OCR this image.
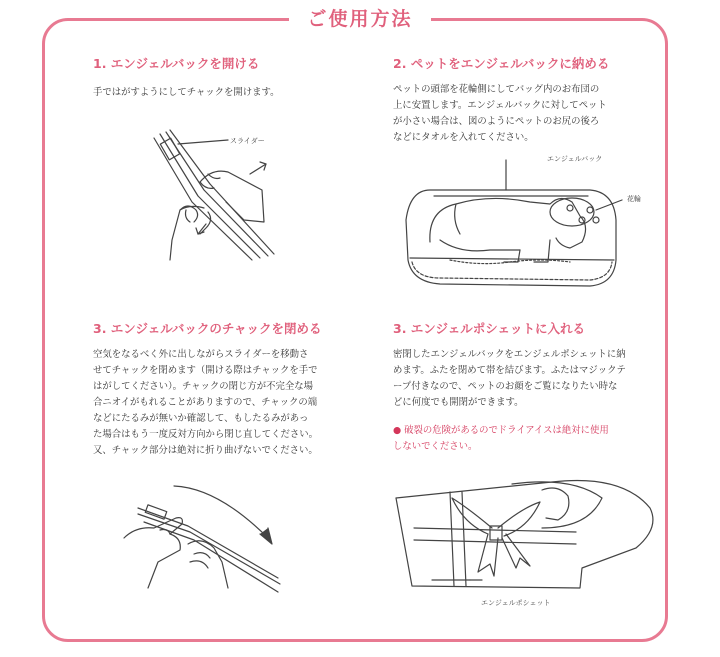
ご使用方法
1. エンジェルバックを開ける
手ではがすようにしてチャックを開けます。
スライダー
2. ペットをエンジェルバックに納める
ペットの頭部を花輪側にしてバッグ内のお布団の
上に安置します。エンジェルバックに対してペット
が小さい場合は、図のようにペットのお尻の後ろ
などにタオルを入れてください。
エンジェルバック
花輪
3. エンジェルバックのチャックを閉める
空気をなるべく外に出しながらスライダーを移動さ
せてチャックを閉めます（開ける際はチャックを手で
はがしてください）。チャックの閉じ方が不完全な場
合ニオイがもれることがありますので、チャックの端
などにたるみが無いか確認して、もしたるみがあっ
た場合はもう一度反対方向から閉じ直してください。
又、チャック部分は絶対に折り曲げないでください。
3. エンジェルポシェットに入れる
密閉したエンジェルバックをエンジェルポシェットに納
めます。ふたを閉めて帯を結びます。ふたはマジックテ
ープ付きなので、ペットのお顔をご覧になりたい時な
どに何度でも開閉ができます。
● 破裂の危険があるのでドライアイスは絶対に使用
しないでください。
エンジェルポシェット
